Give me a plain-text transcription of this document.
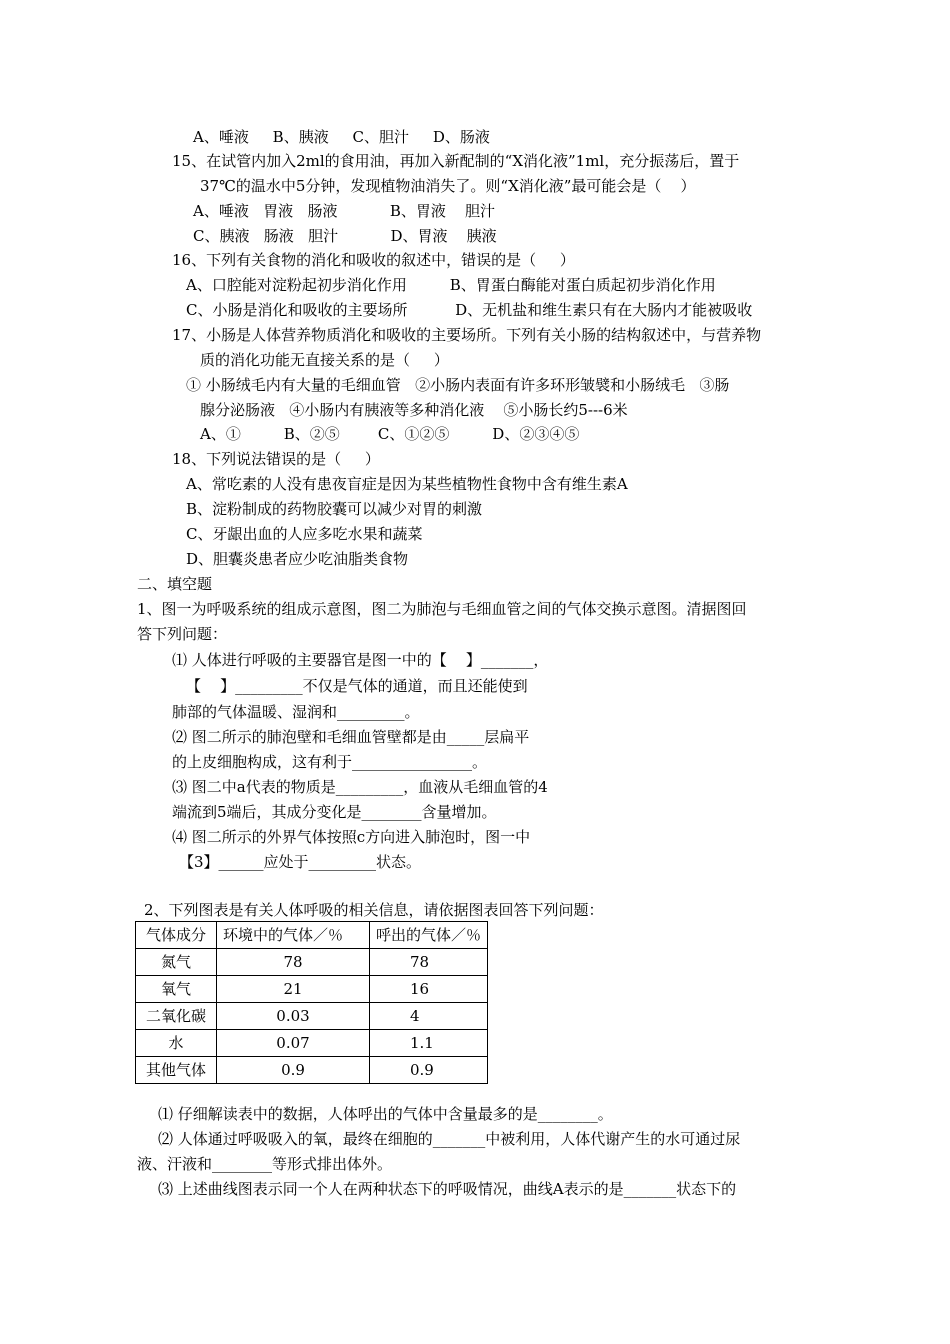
A、唾液     B、胰液     C、胆汁     D、肠液
15、在试管内加入2ml的食用油，再加入新配制的“X消化液”1ml，充分振荡后，置于
37℃的温水中5分钟，发现植物油消失了。则“X消化液”最可能会是（    ）
A、唾液   胃液   肠液           B、胃液    胆汁
C、胰液   肠液   胆汁           D、胃液    胰液
16、下列有关食物的消化和吸收的叙述中，错误的是（     ）
A、口腔能对淀粉起初步消化作用         B、胃蛋白酶能对蛋白质起初步消化作用
C、小肠是消化和吸收的主要场所          D、无机盐和维生素只有在大肠内才能被吸收
17、小肠是人体营养物质消化和吸收的主要场所。下列有关小肠的结构叙述中，与营养物
质的消化功能无直接关系的是（     ）
① 小肠绒毛内有大量的毛细血管   ②小肠内表面有许多环形皱襞和小肠绒毛   ③肠
腺分泌肠液   ④小肠内有胰液等多种消化液    ⑤小肠长约5---6米
A、①         B、②⑤        C、①②⑤         D、②③④⑤
18、下列说法错误的是（     ）
A、常吃素的人没有患夜盲症是因为某些植物性食物中含有维生素A
B、淀粉制成的药物胶囊可以减少对胃的刺激
C、牙龈出血的人应多吃水果和蔬菜
D、胆囊炎患者应少吃油脂类食物
二、填空题
1、图一为呼吸系统的组成示意图，图二为肺泡与毛细血管之间的气体交换示意图。清据图回
答下列问题：
⑴ 人体进行呼吸的主要器官是图一中的【    】_______，
【    】_________不仅是气体的通道，而且还能使到
肺部的气体温暖、湿润和_________。
⑵ 图二所示的肺泡壁和毛细血管壁都是由_____层扁平
的上皮细胞构成，这有利于________________。
⑶ 图二中a代表的物质是_________，血液从毛细血管的4
端流到5端后，其成分变化是________含量增加。
⑷ 图二所示的外界气体按照c方向进入肺泡时，图一中
【3】______应处于_________状态。
2、下列图表是有关人体呼吸的相关信息，请依据图表回答下列问题：
气体成分	环境中的气体／％	呼出的气体／％
氮气	78	78
氧气	21	16
二氧化碳	0.03	4
水	0.07	1.1
其他气体	0.9	0.9
⑴ 仔细解读表中的数据，人体呼出的气体中含量最多的是________。
⑵ 人体通过呼吸吸入的氧，最终在细胞的_______中被利用，人体代谢产生的水可通过尿
液、汗液和________等形式排出体外。
⑶ 上述曲线图表示同一个人在两种状态下的呼吸情况，曲线A表示的是_______状态下的
